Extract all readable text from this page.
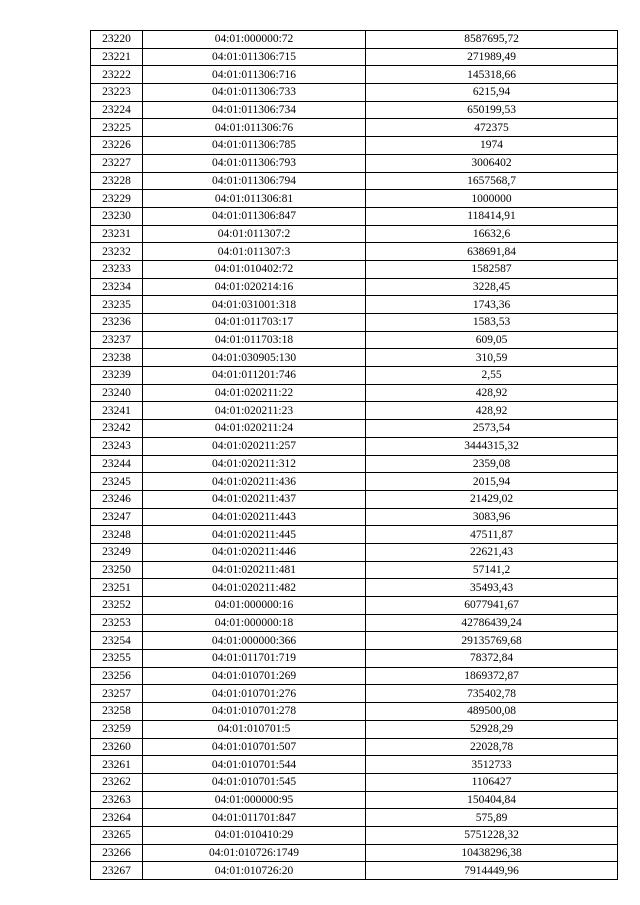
23220	04:01:000000:72	8587695,72
23221	04:01:011306:715	271989,49
23222	04:01:011306:716	145318,66
23223	04:01:011306:733	6215,94
23224	04:01:011306:734	650199,53
23225	04:01:011306:76	472375
23226	04:01:011306:785	1974
23227	04:01:011306:793	3006402
23228	04:01:011306:794	1657568,7
23229	04:01:011306:81	1000000
23230	04:01:011306:847	118414,91
23231	04:01:011307:2	16632,6
23232	04:01:011307:3	638691,84
23233	04:01:010402:72	1582587
23234	04:01:020214:16	3228,45
23235	04:01:031001:318	1743,36
23236	04:01:011703:17	1583,53
23237	04:01:011703:18	609,05
23238	04:01:030905:130	310,59
23239	04:01:011201:746	2,55
23240	04:01:020211:22	428,92
23241	04:01:020211:23	428,92
23242	04:01:020211:24	2573,54
23243	04:01:020211:257	3444315,32
23244	04:01:020211:312	2359,08
23245	04:01:020211:436	2015,94
23246	04:01:020211:437	21429,02
23247	04:01:020211:443	3083,96
23248	04:01:020211:445	47511,87
23249	04:01:020211:446	22621,43
23250	04:01:020211:481	57141,2
23251	04:01:020211:482	35493,43
23252	04:01:000000:16	6077941,67
23253	04:01:000000:18	42786439,24
23254	04:01:000000:366	29135769,68
23255	04:01:011701:719	78372,84
23256	04:01:010701:269	1869372,87
23257	04:01:010701:276	735402,78
23258	04:01:010701:278	489500,08
23259	04:01:010701:5	52928,29
23260	04:01:010701:507	22028,78
23261	04:01:010701:544	3512733
23262	04:01:010701:545	1106427
23263	04:01:000000:95	150404,84
23264	04:01:011701:847	575,89
23265	04:01:010410:29	5751228,32
23266	04:01:010726:1749	10438296,38
23267	04:01:010726:20	7914449,96
